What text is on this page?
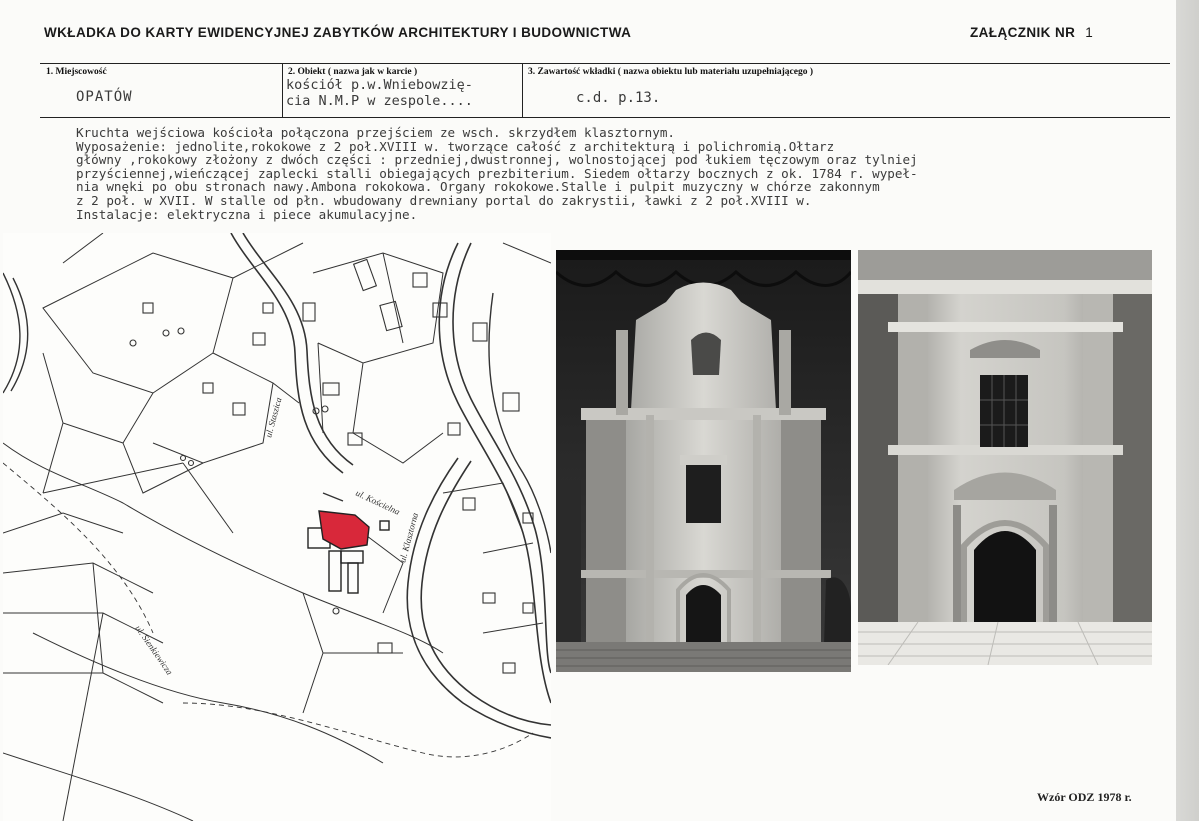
WKŁADKA DO KARTY EWIDENCYJNEJ ZABYTKÓW ARCHITEKTURY I BUDOWNICTWA	ZAŁĄCZNIK NR 1
1. Miejscowość
OPATÓW
2. Obiekt ( nazwa jak w karcie )
kościół p.w.Wniebowzię-
cia N.M.P w zespole....
3. Zawartość wkładki ( nazwa obiektu lub materiału uzupełniającego )
c.d. p.13.
Kruchta wejściowa kościoła połączona przejściem ze wsch. skrzydłem klasztornym.
Wyposażenie: jednolite,rokokowe z 2 poł.XVIII w. tworzące całość z architekturą i polichromią.Ołtarz
główny ,rokokowy złożony z dwóch części : przedniej,dwustronnej, wolnostojącej pod łukiem tęczowym oraz tylniej
przyściennej,wieńczącej zaplecki stalli obiegających prezbiterium. Siedem ołtarzy bocznych z ok. 1784 r. wypeł-
nia wnęki po obu stronach nawy.Ambona rokokowa. Organy rokokowe.Stalle i pulpit muzyczny w chórze zakonnym
z 2 poł. w XVII. W stalle od płn. wbudowany drewniany portal do zakrystii, ławki z 2 poł.XVIII w.
Instalacje: elektryczna i piece akumulacyjne.
ul. Staszica
ul. Klasztorna
ul. Kościelna
ul. Sienkiewicza
Wzór ODZ 1978 r.
